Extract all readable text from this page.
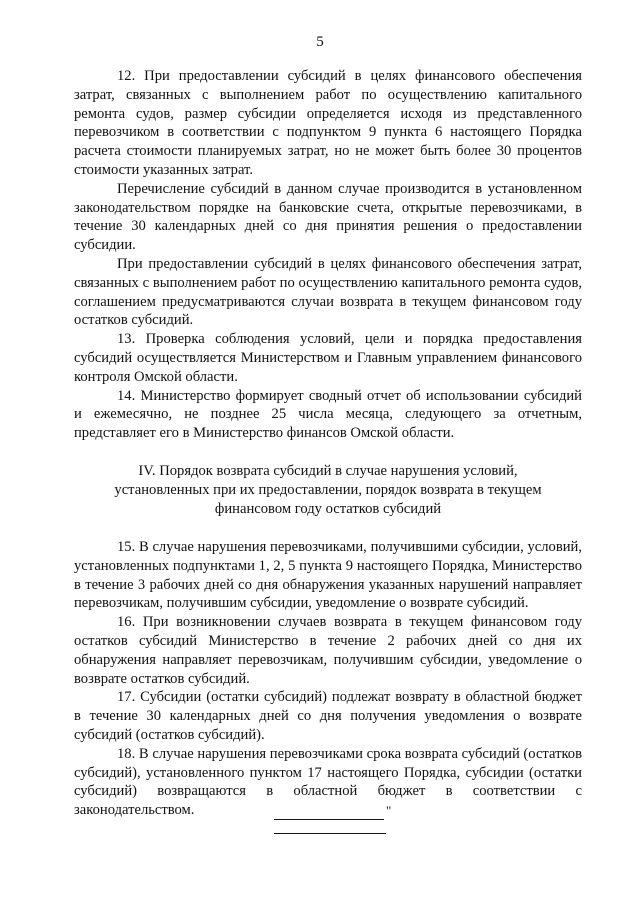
5

12. При предоставлении субсидий в целях финансового обеспечения затрат, связанных с выполнением работ по осуществлению капитального ремонта судов, размер субсидии определяется исходя из представленного перевозчиком в соответствии с подпунктом 9 пункта 6 настоящего Порядка расчета стоимости планируемых затрат, но не может быть более 30 процентов стоимости указанных затрат.

Перечисление субсидий в данном случае производится в установленном законодательством порядке на банковские счета, открытые перевозчиками, в течение 30 календарных дней со дня принятия решения о предоставлении субсидии.

При предоставлении субсидий в целях финансового обеспечения затрат, связанных с выполнением работ по осуществлению капитального ремонта судов, соглашением предусматриваются случаи возврата в текущем финансовом году остатков субсидий.

13. Проверка соблюдения условий, цели и порядка предоставления субсидий осуществляется Министерством и Главным управлением финансового контроля Омской области.

14. Министерство формирует сводный отчет об использовании субсидий и ежемесячно, не позднее 25 числа месяца, следующего за отчетным, представляет его в Министерство финансов Омской области.

IV. Порядок возврата субсидий в случае нарушения условий,
установленных при их предоставлении, порядок возврата в текущем
финансовом году остатков субсидий

15. В случае нарушения перевозчиками, получившими субсидии, условий, установленных подпунктами 1, 2, 5 пункта 9 настоящего Порядка, Министерство в течение 3 рабочих дней со дня обнаружения указанных нарушений направляет перевозчикам, получившим субсидии, уведомление о возврате субсидий.

16. При возникновении случаев возврата в текущем финансовом году остатков субсидий Министерство в течение 2 рабочих дней со дня их обнаружения направляет перевозчикам, получившим субсидии, уведомление о возврате остатков субсидий.

17. Субсидии (остатки субсидий) подлежат возврату в областной бюджет в течение 30 календарных дней со дня получения уведомления о возврате субсидий (остатков субсидий).

18. В случае нарушения перевозчиками срока возврата субсидий (остатков субсидий), установленного пунктом 17 настоящего Порядка, субсидии (остатки субсидий) возвращаются в областной бюджет в соответствии с законодательством.	"
